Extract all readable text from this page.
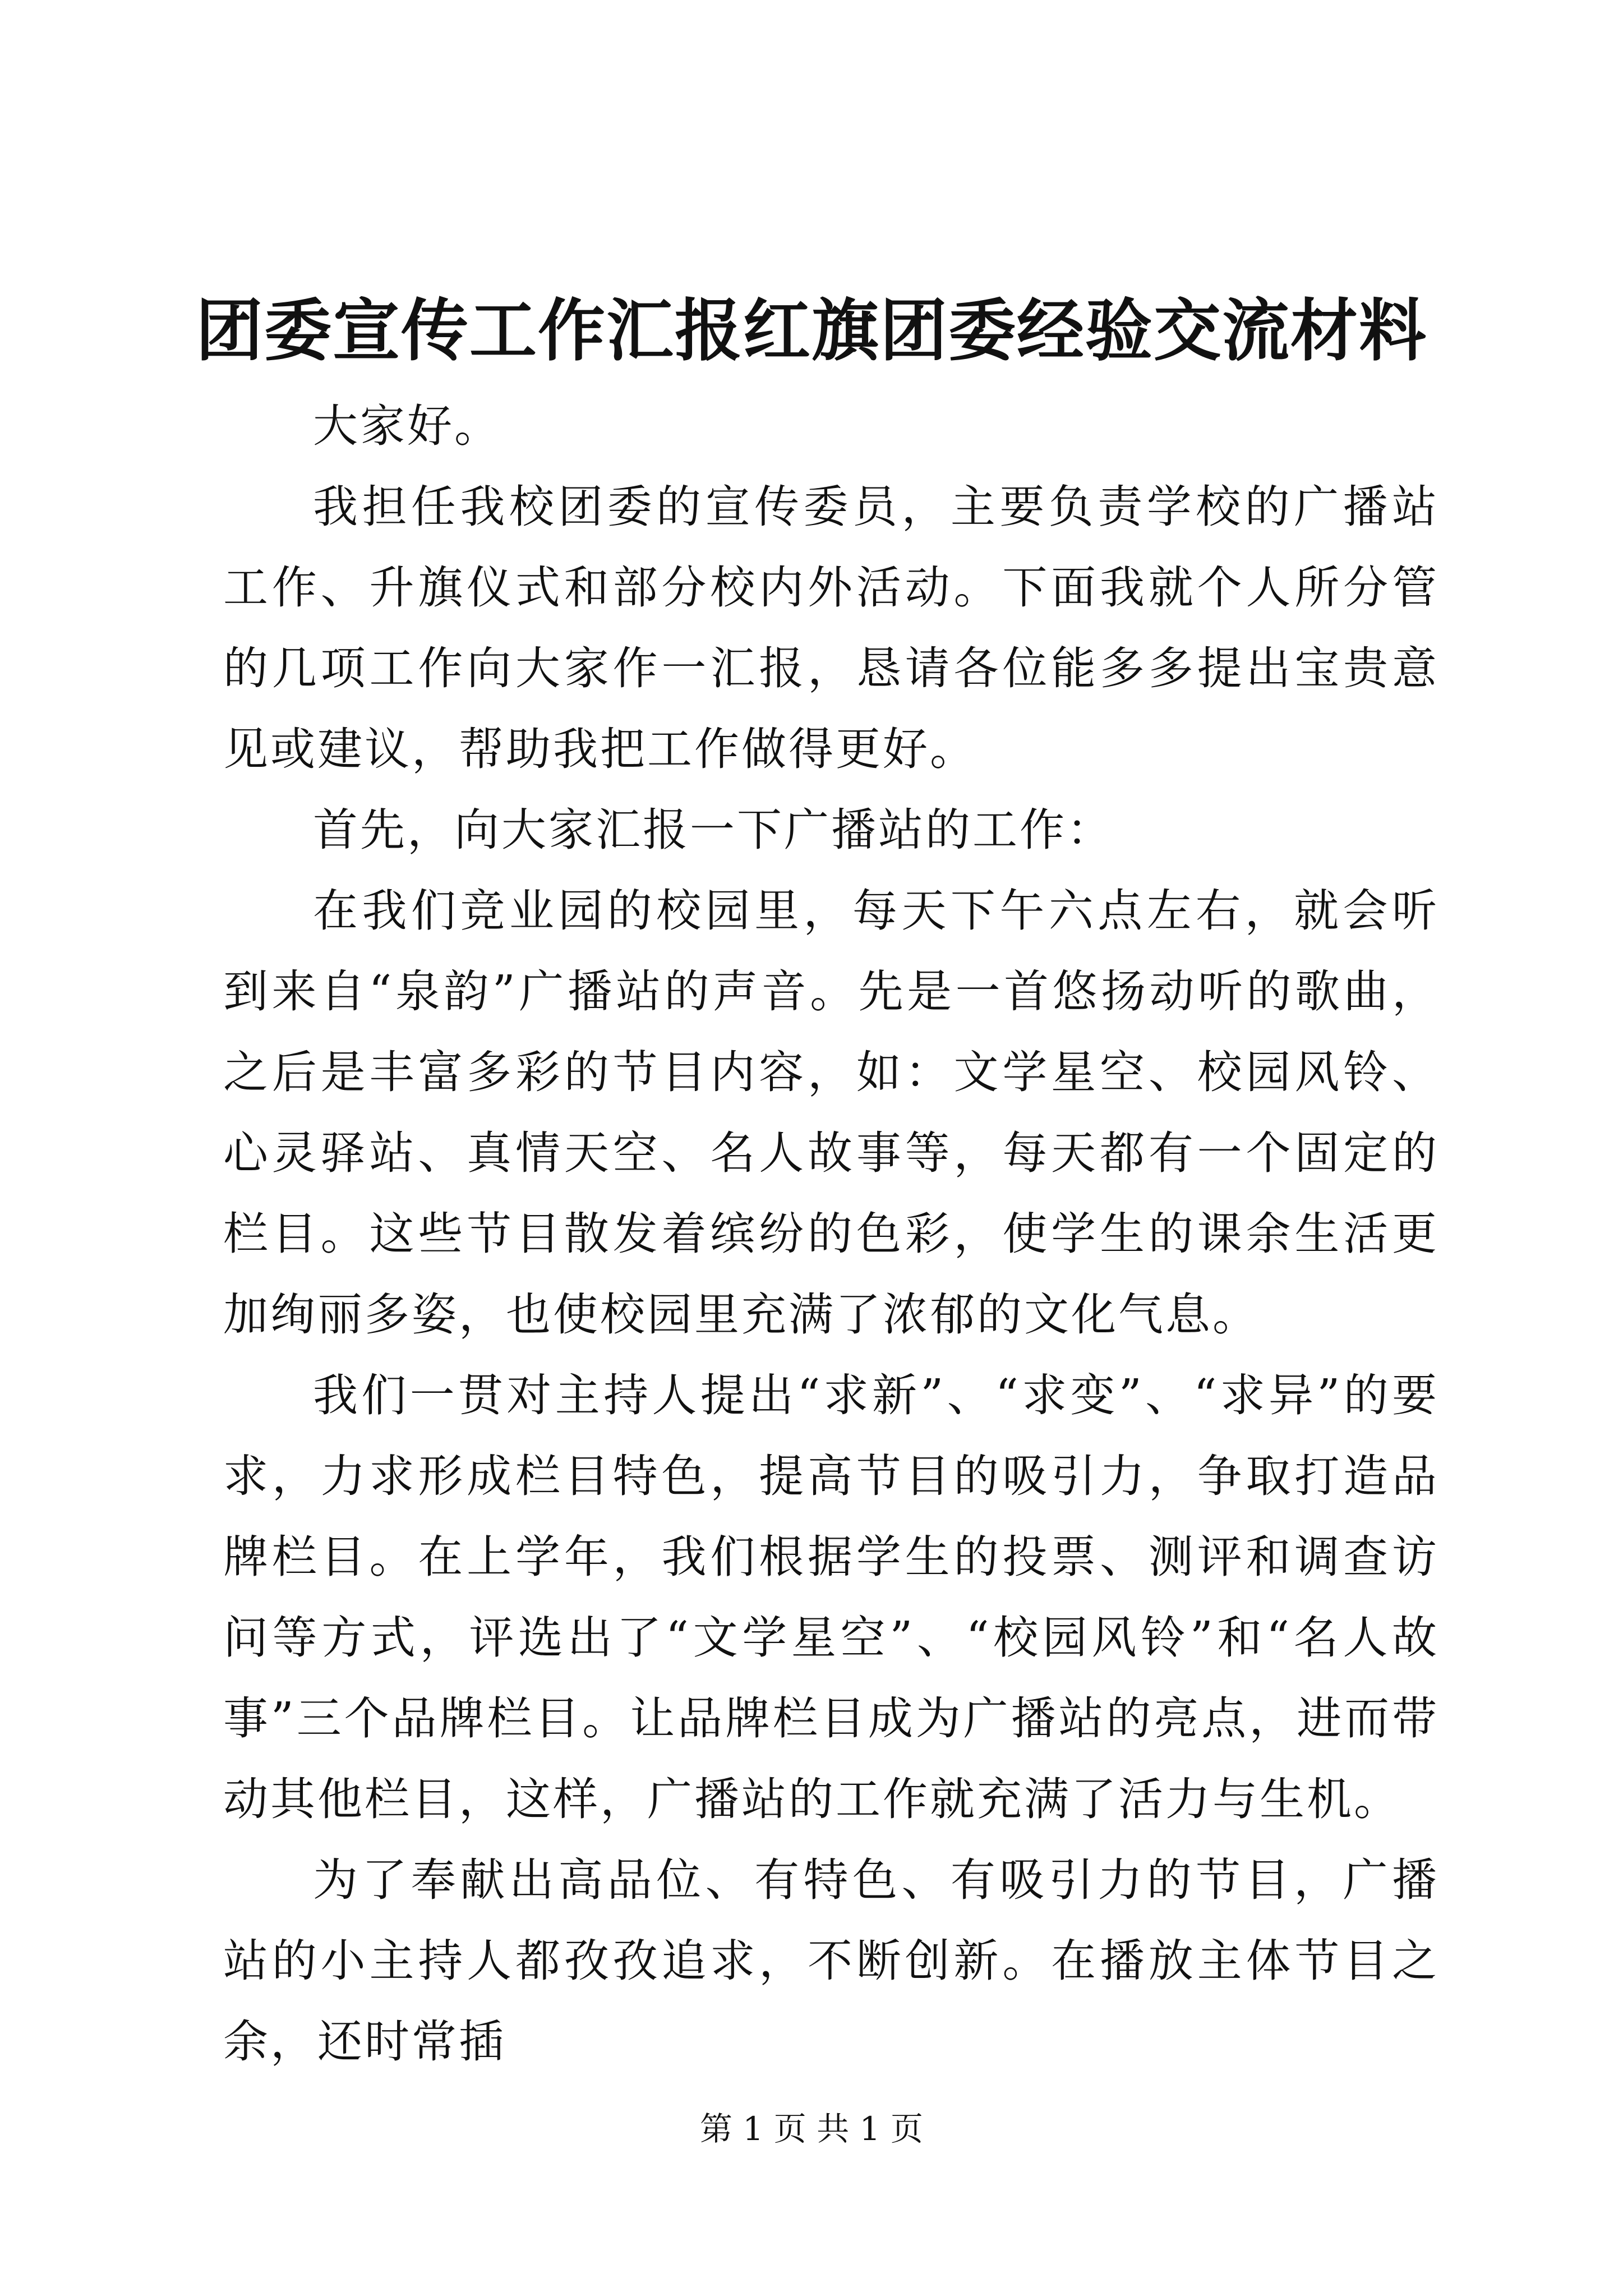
团委宣传工作汇报红旗团委经验交流材料

大家好。

我担任我校团委的宣传委员，主要负责学校的广播站工作、升旗仪式和部分校内外活动。下面我就个人所分管的几项工作向大家作一汇报，恳请各位能多多提出宝贵意见或建议，帮助我把工作做得更好。

首先，向大家汇报一下广播站的工作：

在我们竞业园的校园里，每天下午六点左右，就会听到来自“泉韵”广播站的声音。先是一首悠扬动听的歌曲，之后是丰富多彩的节目内容，如：文学星空、校园风铃、心灵驿站、真情天空、名人故事等，每天都有一个固定的栏目。这些节目散发着缤纷的色彩，使学生的课余生活更加绚丽多姿，也使校园里充满了浓郁的文化气息。

我们一贯对主持人提出“求新”、“求变”、“求异”的要求，力求形成栏目特色，提高节目的吸引力，争取打造品牌栏目。在上学年，我们根据学生的投票、测评和调查访问等方式，评选出了“文学星空”、“校园风铃”和“名人故事”三个品牌栏目。让品牌栏目成为广播站的亮点，进而带动其他栏目，这样，广播站的工作就充满了活力与生机。

为了奉献出高品位、有特色、有吸引力的节目，广播站的小主持人都孜孜追求，不断创新。在播放主体节目之余，还时常插

第 1 页 共 1 页
